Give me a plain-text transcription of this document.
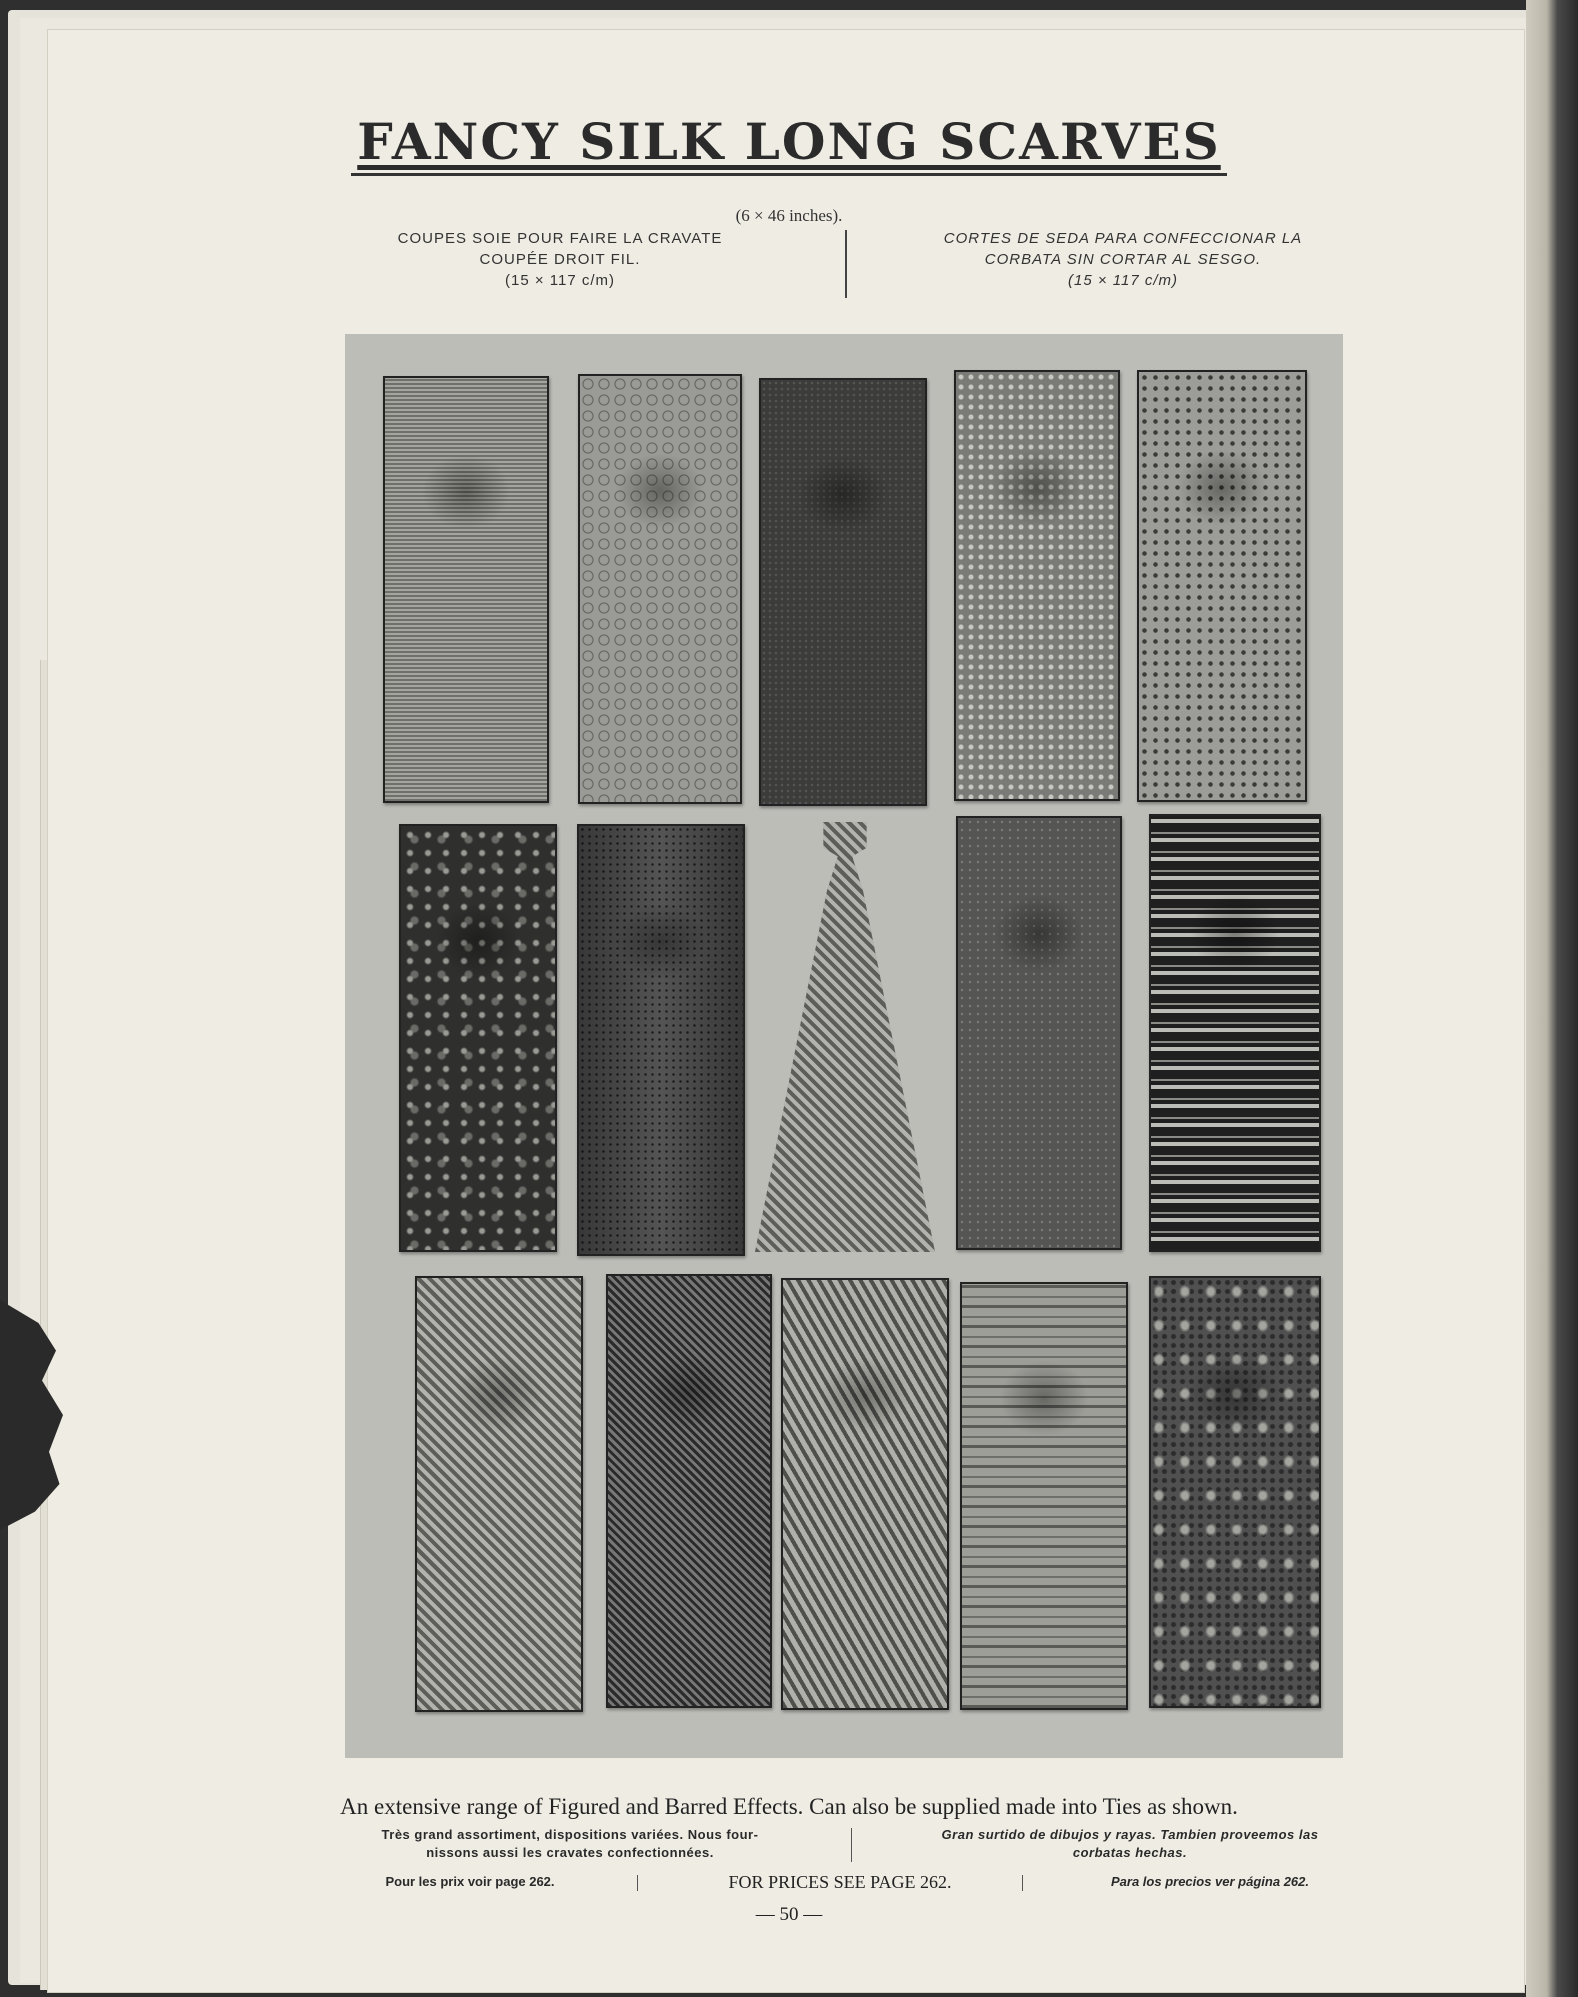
FANCY SILK LONG SCARVES
(6 × 46 inches).
COUPES SOIE POUR FAIRE LA CRAVATE
COUPÉE DROIT FIL.
(15 × 117 c/m)
CORTES DE SEDA PARA CONFECCIONAR LA
CORBATA SIN CORTAR AL SESGO.
(15 × 117 c/m)
An extensive range of Figured and Barred Effects. Can also be supplied made into Ties as shown.
Très grand assortiment, dispositions variées. Nous four-
nissons aussi les cravates confectionnées.
Gran surtido de dibujos y rayas. Tambien proveemos las
corbatas hechas.
Pour les prix voir page 262.	FOR PRICES SEE PAGE 262.	Para los precios ver página 262.
— 50 —
